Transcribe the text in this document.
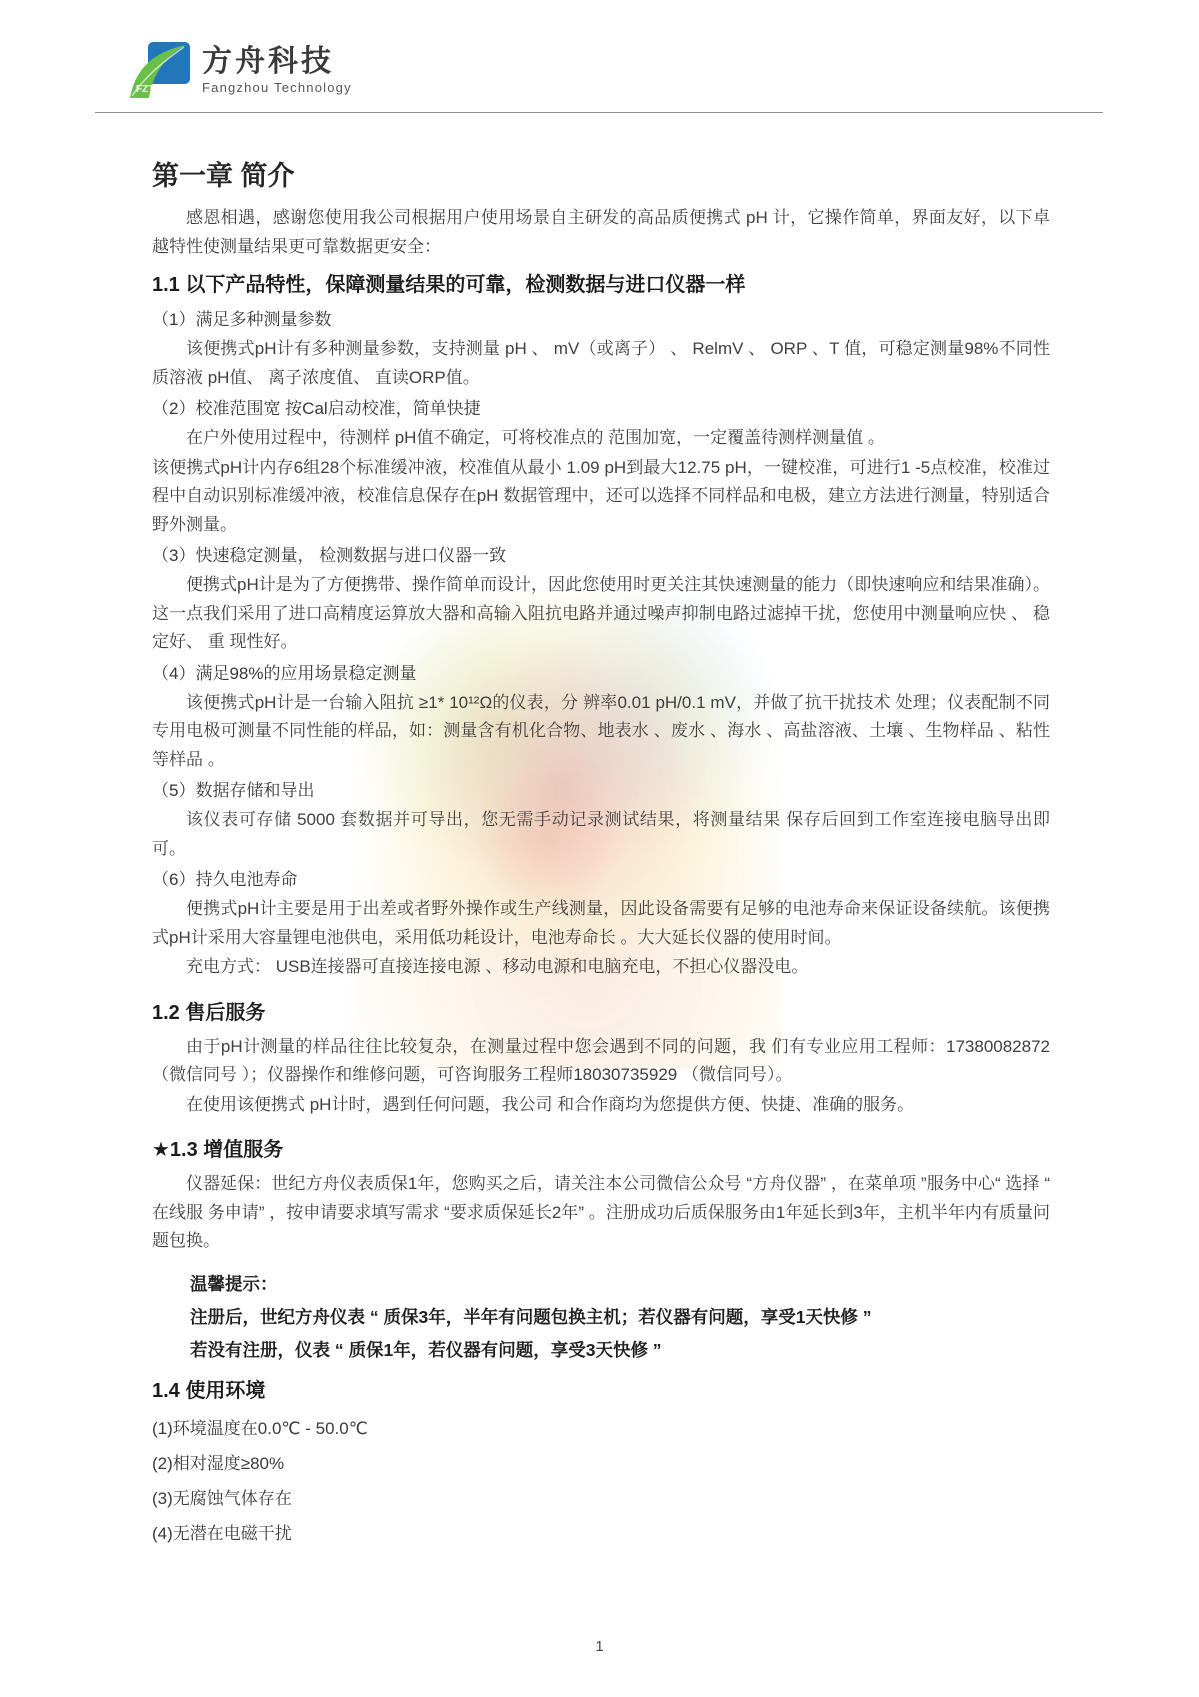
FZT
方舟科技
Fangzhou Technology
第一章 简介

感恩相遇，感谢您使用我公司根据用户使用场景自主研发的高品质便携式 pH 计，它操作简单，界面友好，以下卓越特性使测量结果更可靠数据更安全：

1.1 以下产品特性，保障测量结果的可靠，检测数据与进口仪器一样

（1）满足多种测量参数

该便携式pH计有多种测量参数，支持测量 pH 、 mV（或离子） 、 RelmV 、 ORP 、T 值，可稳定测量98%不同性质溶液 pH值、 离子浓度值、 直读ORP值。

（2）校准范围宽 按Cal启动校准，简单快捷

在户外使用过程中，待测样 pH值不确定，可将校准点的 范围加宽，一定覆盖待测样测量值 。

该便携式pH计内存6组28个标准缓冲液，校准值从最小 1.09 pH到最大12.75 pH，一键校准，可进行1 -5点校准，校准过程中自动识别标准缓冲液，校准信息保存在pH 数据管理中，还可以选择不同样品和电极，建立方法进行测量，特别适合野外测量。

（3）快速稳定测量， 检测数据与进口仪器一致

便携式pH计是为了方便携带、操作简单而设计，因此您使用时更关注其快速测量的能力（即快速响应和结果准确）。这一点我们采用了进口高精度运算放大器和高输入阻抗电路并通过噪声抑制电路过滤掉干扰，您使用中测量响应快 、 稳定好、 重 现性好。

（4）满足98%的应用场景稳定测量

该便携式pH计是一台输入阻抗 ≥1* 10¹²Ω的仪表，分 辨率0.01 pH/0.1 mV，并做了抗干扰技术 处理；仪表配制不同专用电极可测量不同性能的样品，如：测量含有机化合物、地表水 、废水 、海水 、高盐溶液、土壤 、生物样品 、粘性等样品 。

（5）数据存储和导出

该仪表可存储 5000 套数据并可导出，您无需手动记录测试结果，将测量结果 保存后回到工作室连接电脑导出即可。

（6）持久电池寿命

便携式pH计主要是用于出差或者野外操作或生产线测量，因此设备需要有足够的电池寿命来保证设备续航。该便携式pH计采用大容量锂电池供电，采用低功耗设计，电池寿命长 。大大延长仪器的使用时间。

充电方式： USB连接器可直接连接电源 、移动电源和电脑充电，不担心仪器没电。

1.2 售后服务

由于pH计测量的样品往往比较复杂，在测量过程中您会遇到不同的问题，我 们有专业应用工程师：17380082872（微信同号 ）；仪器操作和维修问题，可咨询服务工程师18030735929 （微信同号）。

在使用该便携式 pH计时，遇到任何问题，我公司 和合作商均为您提供方便、快捷、准确的服务。

★1.3 增值服务

仪器延保：世纪方舟仪表质保1年，您购买之后，请关注本公司微信公众号 “方舟仪器” ，在菜单项 ”服务中心“ 选择 “ 在线服 务申请” ，按申请要求填写需求 “要求质保延长2年” 。注册成功后质保服务由1年延长到3年，主机半年内有质量问题包换。

温馨提示：

注册后，世纪方舟仪表 “ 质保3年，半年有问题包换主机；若仪器有问题，享受1天快修 ”

若没有注册，仪表 “ 质保1年，若仪器有问题，享受3天快修 ”

1.4 使用环境

(1)环境温度在0.0℃ - 50.0℃

(2)相对湿度≥80%

(3)无腐蚀气体存在

(4)无潜在电磁干扰

1
